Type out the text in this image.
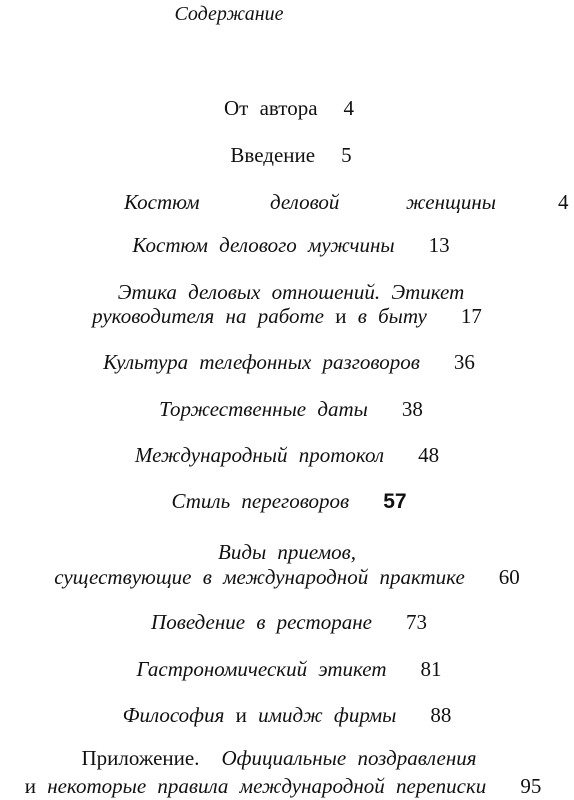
Содержание
От автора 4
Введение 5
Костюм	деловой	женщины	4
Костюм делового мужчины 13
Этика деловых отношений. Этикет
руководителя на работе и в быту 17
Культура телефонных разговоров 36
Торжественные даты 38
Международный протокол 48
Стиль переговоров 57
Виды приемов,
существующие в международной практике 60
Поведение в ресторане 73
Гастрономический этикет 81
Философия и имидж фирмы 88
Приложение. Официальные поздравления
и некоторые правила международной переписки 95
